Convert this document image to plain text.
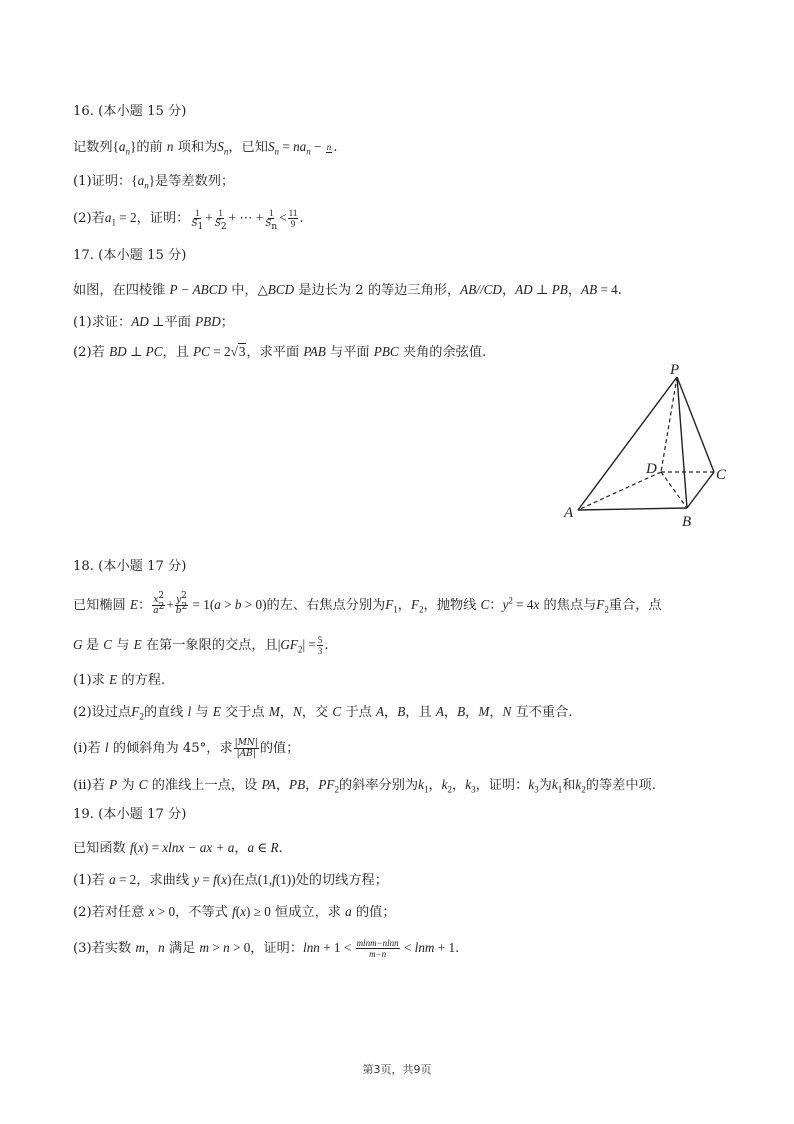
16. (本小题 15 分)
记数列$\{a_n\}$的前 n 项和为$S_n$，已知$S_n = na_n - n$ .
(1)证明：$\{a_n\}$是等差数列；
(2)若$a_1 = 2$，证明： $\frac{1}{S_1} + \frac{1}{S_2}$ + ⋯ + $\frac{1}{S_n} < \frac{11}{9}$ .
17. (本小题 15 分)
如图，在四棱锥 P − ABCD 中，△BCD 是边长为 2 的等边三角形，AB//CD，AD ⊥ PB，AB = 4.
(1)求证：AD ⊥平面 PBD；
(2)若 BD ⊥ PC，且 PC = 2√3，求平面 PAB 与平面 PBC 夹角的余弦值.
P
D	C
A
B
18. (本小题 17 分)
已知椭圆 E： $\frac{x^2}{a^2} + \frac{y^2}{b^2} = 1(a > b > 0)$的左、右焦点分别为$F_1$，$F_2$，抛物线 C：$y^2 = 4x$ 的焦点与$F_2$重合，点
G 是 C 与 E 在第一象限的交点，且$|GF_2| = \frac{5}{3}$ .
(1)求 E 的方程.
(2)设过点$F_2$的直线 l 与 E 交于点 M，N，交 C 于点 A，B，且 A，B，M，N 互不重合.
(ⅰ)若 l 的倾斜角为 45°，求 $\frac{|MN|}{|AB|}$ 的值；
(ⅱ)若 P 为 C 的准线上一点，设 PA，PB，$PF_2$的斜率分别为$k_1$，$k_2$，$k_3$，证明：$k_3$为$k_1$和$k_2$的等差中项.
19. (本小题 17 分)
已知函数 f(x) = xlnx − ax + a，a ∈ R.
(1)若 a = 2，求曲线 y = f(x)在点(1,f(1))处的切线方程；
(2)若对任意 x > 0，不等式 f(x) ≥ 0 恒成立，求 a 的值；
(3)若实数 m，n 满足 m > n > 0，证明：$\ln n + 1 < \frac{mlnm-nlnn}{m-n} < \ln m + 1$.
第3页，共9页
